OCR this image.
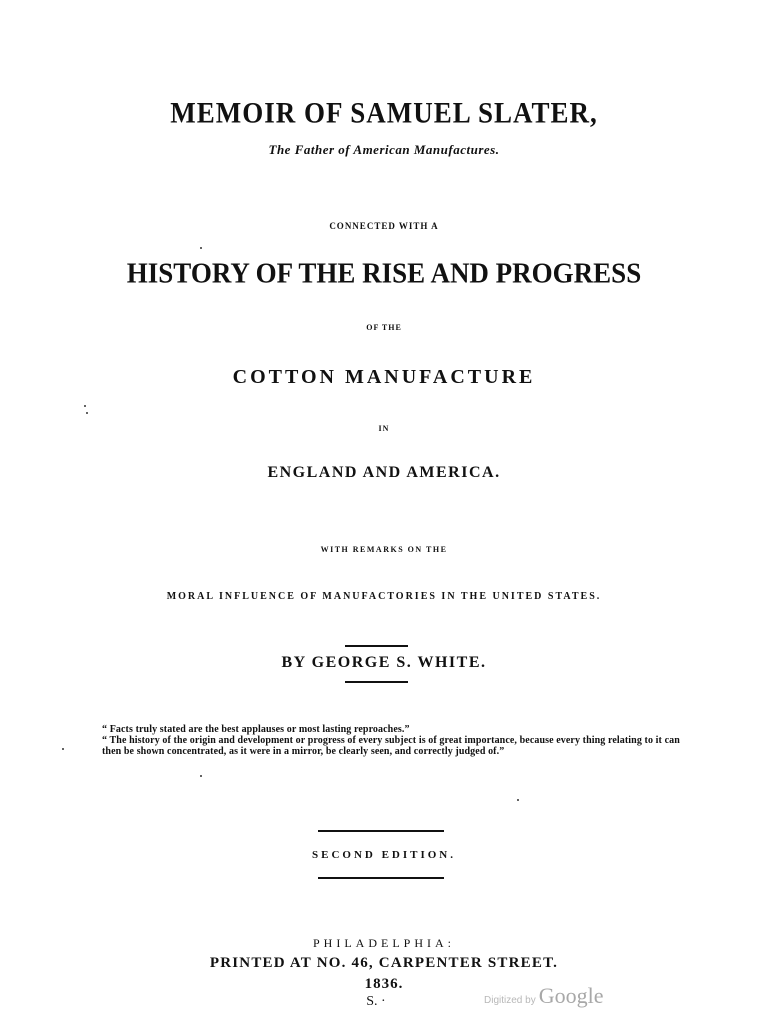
MEMOIR OF SAMUEL SLATER,
The Father of American Manufactures.
CONNECTED WITH A
HISTORY OF THE RISE AND PROGRESS
OF THE
COTTON MANUFACTURE
IN
ENGLAND AND AMERICA.
WITH REMARKS ON THE
MORAL INFLUENCE OF MANUFACTORIES IN THE UNITED STATES.
BY GEORGE S. WHITE.

“ Facts truly stated are the best applauses or most lasting reproaches.”

“ The history of the origin and development or progress of every subject is of great importance, because every thing relating to it can then be shown concentrated, as it were in a mirror, be clearly seen, and correctly judged of.”

SECOND EDITION.
PHILADELPHIA:
PRINTED AT NO. 46, CARPENTER STREET.
1836.
S. ·	Digitized by Google
